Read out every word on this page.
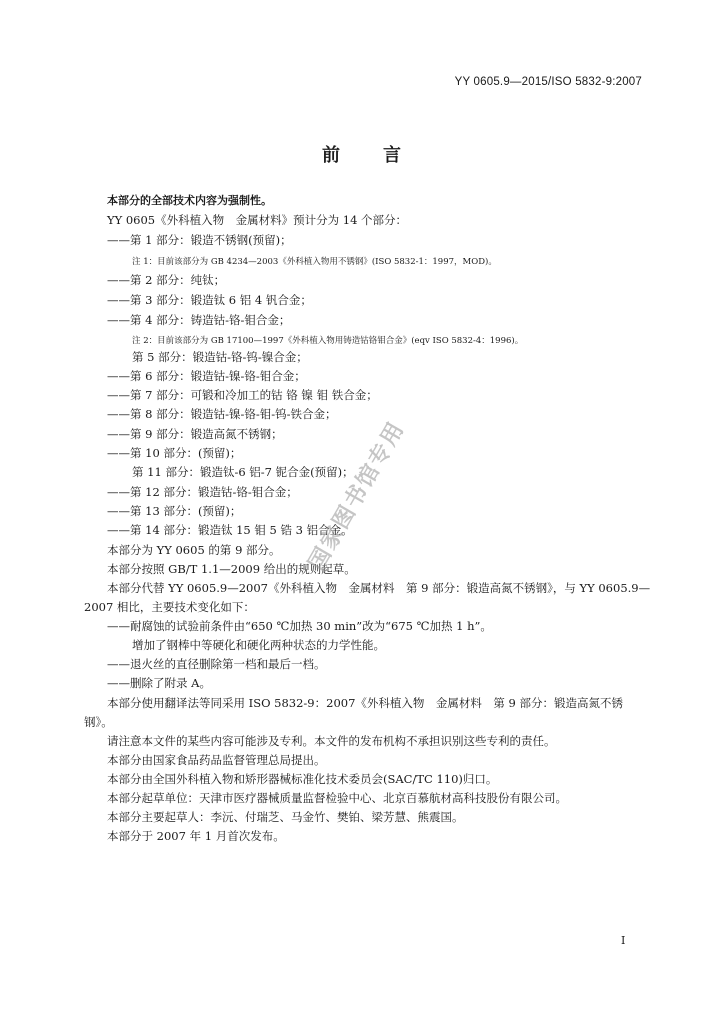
YY 0605.9—2015/ISO 5832-9:2007
前 言
本部分的全部技术内容为强制性。
YY 0605《外科植入物　金属材料》预计分为 14 个部分：
——第 1 部分：锻造不锈钢(预留)；
注 1：目前该部分为 GB 4234—2003《外科植入物用不锈钢》(ISO 5832-1：1997，MOD)。
——第 2 部分：纯钛；
——第 3 部分：锻造钛 6 铝 4 钒合金；
——第 4 部分：铸造钴-铬-钼合金；
注 2：目前该部分为 GB 17100—1997《外科植入物用铸造钴铬钼合金》(eqv ISO 5832-4：1996)。
第 5 部分：锻造钴-铬-钨-镍合金；
——第 6 部分：锻造钴-镍-铬-钼合金；
——第 7 部分：可锻和冷加工的钴 铬 镍 钼 铁合金；
——第 8 部分：锻造钴-镍-铬-钼-钨-铁合金；
——第 9 部分：锻造高氮不锈钢；
——第 10 部分：(预留)；
第 11 部分：锻造钛-6 铝-7 铌合金(预留)；
——第 12 部分：锻造钴-铬-钼合金；
——第 13 部分：(预留)；
——第 14 部分：锻造钛 15 钼 5 锆 3 铝合金。
本部分为 YY 0605 的第 9 部分。
本部分按照 GB/T 1.1—2009 给出的规则起草。
本部分代替 YY 0605.9—2007《外科植入物　金属材料　第 9 部分：锻造高氮不锈钢》，与 YY 0605.9—
2007 相比，主要技术变化如下：
——耐腐蚀的试验前条件由“650 ℃加热 30 min”改为“675 ℃加热 1 h”。
增加了钢棒中等硬化和硬化两种状态的力学性能。
——退火丝的直径删除第一档和最后一档。
——删除了附录 A。
本部分使用翻译法等同采用 ISO 5832-9：2007《外科植入物　金属材料　第 9 部分：锻造高氮不锈
钢》。
请注意本文件的某些内容可能涉及专利。本文件的发布机构不承担识别这些专利的责任。
本部分由国家食品药品监督管理总局提出。
本部分由全国外科植入物和矫形器械标准化技术委员会(SAC/TC 110)归口。
本部分起草单位：天津市医疗器械质量监督检验中心、北京百慕航材高科技股份有限公司。
本部分主要起草人：李沅、付瑞芝、马金竹、樊铂、梁芳慧、熊震国。
本部分于 2007 年 1 月首次发布。
国家图书馆专用
I
